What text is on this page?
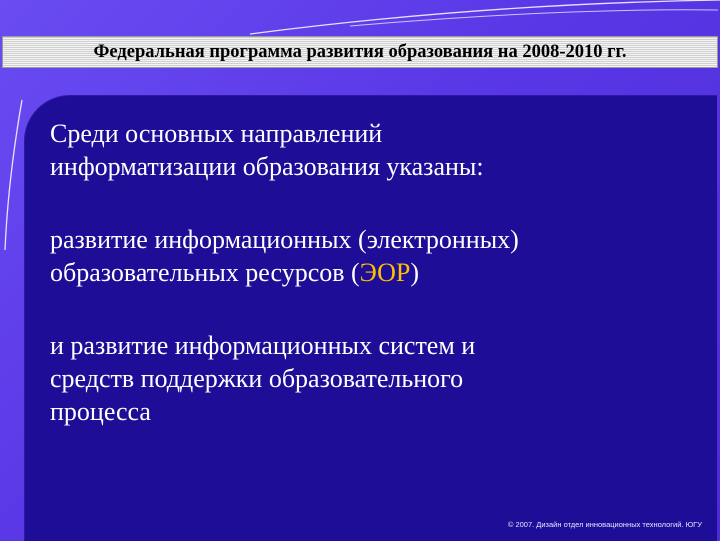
Федеральная программа развития образования на 2008-2010 гг.

Среди основных направлений
информатизации образования указаны:

развитие информационных (электронных)
образовательных ресурсов (ЭОР)

и развитие информационных систем и
средств поддержки образовательного
процесса

© 2007. Дизайн отдел инновационных технологий. ЮГУ
